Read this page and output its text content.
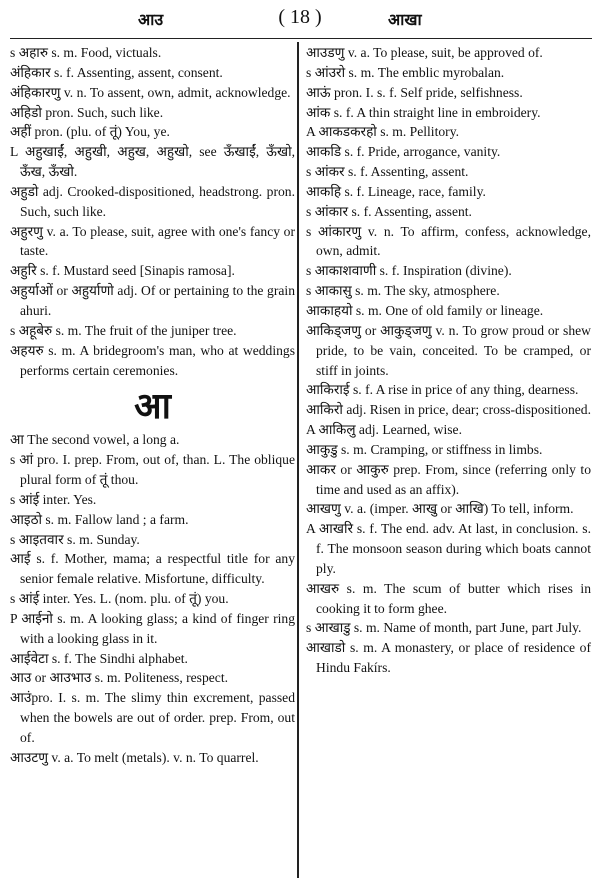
आउ	( 18 )	आखा
s अहारु s. m. Food, victuals.
अंहिकार s. f. Assenting, assent, consent.
अंहिकारणु v. n. To assent, own, admit, acknowledge.
अहिडो pron. Such, such like.
अहीं pron. (plu. of तूं) You, ye.
L अहुखाईं, अहुखी, अहुख, अहुखो, see ऊँखाईं, ऊँखो, ऊँख, ऊँखो.
अहुडो adj. Crooked-dispositioned, headstrong. pron. Such, such like.
अहुरणु v. a. To please, suit, agree with one's fancy or taste.
अहुरि s. f. Mustard seed [Sinapis ramosa].
अहुर्याओं or अहुर्याणो adj. Of or pertaining to the grain ahuri.
s अहूबेरु s. m. The fruit of the juniper tree.
अहयरु s. m. A bridegroom's man, who at weddings performs certain ceremonies.
आ
आ The second vowel, a long a.
s आं pro. I. prep. From, out of, than. L. The oblique plural form of तूं thou.
s आंई inter. Yes.
आइठो s. m. Fallow land ; a farm.
s आइतवार s. m. Sunday.
आई s. f. Mother, mama; a respectful title for any senior female relative. Misfortune, difficulty.
s आंई inter. Yes. L. (nom. plu. of तूं) you.
P आईनो s. m. A looking glass; a kind of finger ring with a looking glass in it.
आईवेटा s. f. The Sindhi alphabet.
आउ or आउभाउ s. m. Politeness, respect.
आउंpro. I. s. m. The slimy thin excrement, passed when the bowels are out of order. prep. From, out of.
आउटणु v. a. To melt (metals). v. n. To quarrel.
आउडणु v. a. To please, suit, be approved of.
s आंउरो s. m. The emblic myrobalan.
आऊं pron. I. s. f. Self pride, selfishness.
आंक s. f. A thin straight line in embroidery.
A आकडकरहो s. m. Pellitory.
आकडि s. f. Pride, arrogance, vanity.
s आंकर s. f. Assenting, assent.
आकहि s. f. Lineage, race, family.
s आंकार s. f. Assenting, assent.
s आंकारणु v. n. To affirm, confess, acknowledge, own, admit.
s आकाशवाणी s. f. Inspiration (divine).
s आकासु s. m. The sky, atmosphere.
आकाहयो s. m. One of old family or lineage.
आकिड्जणु or आकुड्जणु v. n. To grow proud or shew pride, to be vain, conceited. To be cramped, or stiff in joints.
आकिराई s. f. A rise in price of any thing, dearness.
आकिरो adj. Risen in price, dear; cross-dispositioned.
A आकिलु adj. Learned, wise.
आकुडु s. m. Cramping, or stiffness in limbs.
आकर or आकुरु prep. From, since (referring only to time and used as an affix).
आखणु v. a. (imper. आखु or आखि) To tell, inform.
A आखरि s. f. The end. adv. At last, in conclusion. s. f. The monsoon season during which boats cannot ply.
आखरु s. m. The scum of butter which rises in cooking it to form ghee.
s आखाडु s. m. Name of month, part June, part July.
आखाडो s. m. A monastery, or place of residence of Hindu Fakírs.
